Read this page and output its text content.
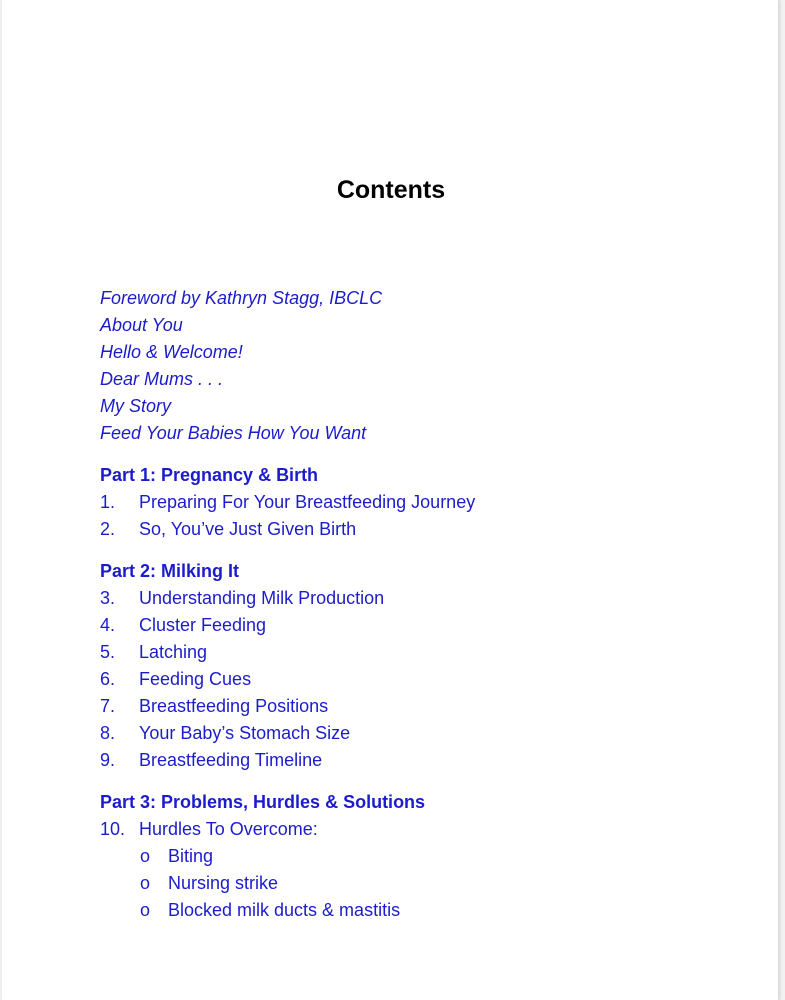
Contents
Foreword by Kathryn Stagg, IBCLC
About You
Hello & Welcome!
Dear Mums . . .
My Story
Feed Your Babies How You Want
Part 1: Pregnancy & Birth
1. Preparing For Your Breastfeeding Journey
2. So, You’ve Just Given Birth
Part 2: Milking It
3. Understanding Milk Production
4. Cluster Feeding
5. Latching
6. Feeding Cues
7. Breastfeeding Positions
8. Your Baby’s Stomach Size
9. Breastfeeding Timeline
Part 3: Problems, Hurdles & Solutions
10. Hurdles To Overcome:
o Biting
o Nursing strike
o Blocked milk ducts & mastitis
